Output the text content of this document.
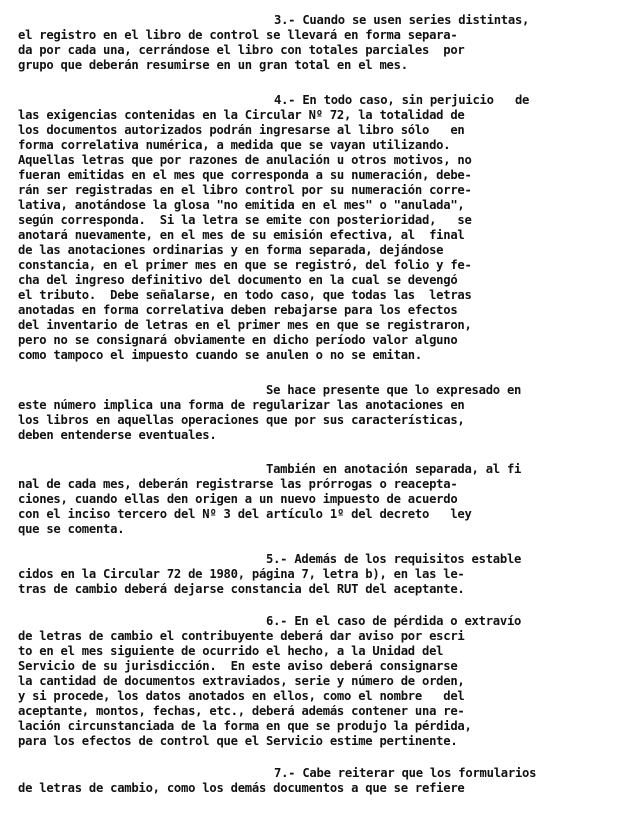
3.- Cuando se usen series distintas,
el registro en el libro de control se llevará en forma separa-
da por cada una, cerrándose el libro con totales parciales  por
grupo que deberán resumirse en un gran total en el mes.
4.- En todo caso, sin perjuicio   de
las exigencias contenidas en la Circular Nº 72, la totalidad de
los documentos autorizados podrán ingresarse al libro sólo   en
forma correlativa numérica, a medida que se vayan utilizando.
Aquellas letras que por razones de anulación u otros motivos, no
fueran emitidas en el mes que corresponda a su numeración, debe-
rán ser registradas en el libro control por su numeración corre-
lativa, anotándose la glosa "no emitida en el mes" o "anulada",
según corresponda.  Si la letra se emite con posterioridad,   se
anotará nuevamente, en el mes de su emisión efectiva, al  final
de las anotaciones ordinarias y en forma separada, dejándose
constancia, en el primer mes en que se registró, del folio y fe-
cha del ingreso definitivo del documento en la cual se devengó
el tributo.  Debe señalarse, en todo caso, que todas las  letras
anotadas en forma correlativa deben rebajarse para los efectos
del inventario de letras en el primer mes en que se registraron,
pero no se consignará obviamente en dicho período valor alguno
como tampoco el impuesto cuando se anulen o no se emitan.
Se hace presente que lo expresado en
este número implica una forma de regularizar las anotaciones en
los libros en aquellas operaciones que por sus características,
deben entenderse eventuales.
También en anotación separada, al fi
nal de cada mes, deberán registrarse las prórrogas o reacepta-
ciones, cuando ellas den origen a un nuevo impuesto de acuerdo
con el inciso tercero del Nº 3 del artículo 1º del decreto   ley
que se comenta.
5.- Además de los requisitos estable
cidos en la Circular 72 de 1980, página 7, letra b), en las le-
tras de cambio deberá dejarse constancia del RUT del aceptante.
6.- En el caso de pérdida o extravío
de letras de cambio el contribuyente deberá dar aviso por escri
to en el mes siguiente de ocurrido el hecho, a la Unidad del
Servicio de su jurisdicción.  En este aviso deberá consignarse
la cantidad de documentos extraviados, serie y número de orden,
y si procede, los datos anotados en ellos, como el nombre   del
aceptante, montos, fechas, etc., deberá además contener una re-
lación circunstanciada de la forma en que se produjo la pérdida,
para los efectos de control que el Servicio estime pertinente.
7.- Cabe reiterar que los formularios
de letras de cambio, como los demás documentos a que se refiere
